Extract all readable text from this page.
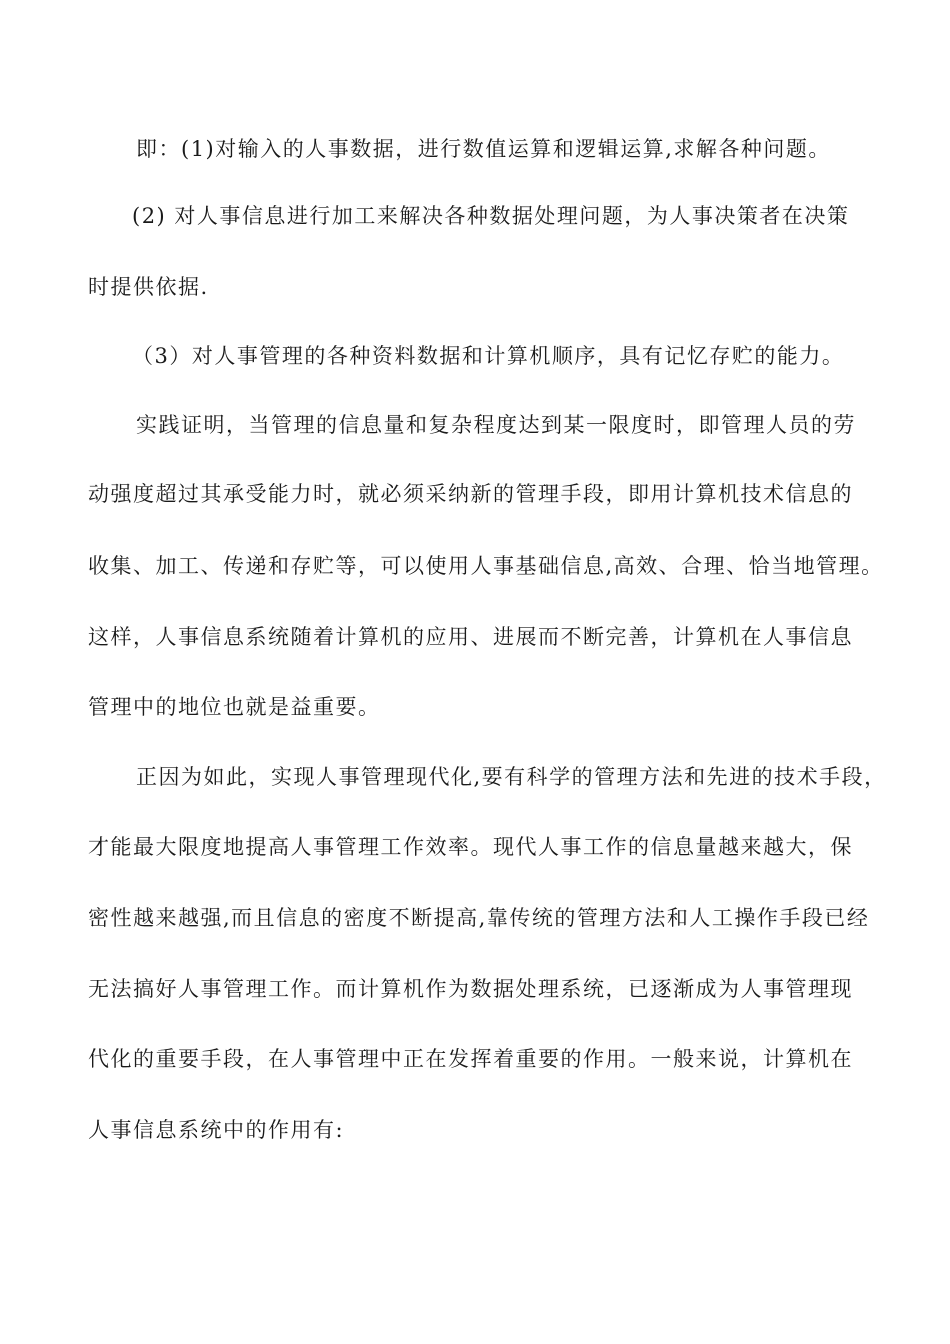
即：(1)对输入的人事数据，进行数值运算和逻辑运算,求解各种问题。
(2) 对人事信息进行加工来解决各种数据处理问题，为人事决策者在决策
时提供依据.
（3）对人事管理的各种资料数据和计算机顺序，具有记忆存贮的能力。
实践证明，当管理的信息量和复杂程度达到某一限度时，即管理人员的劳
动强度超过其承受能力时，就必须采纳新的管理手段，即用计算机技术信息的
收集、加工、传递和存贮等，可以使用人事基础信息,高效、合理、恰当地管理。
这样，人事信息系统随着计算机的应用、进展而不断完善，计算机在人事信息
管理中的地位也就是益重要。
正因为如此，实现人事管理现代化,要有科学的管理方法和先进的技术手段，
才能最大限度地提高人事管理工作效率。现代人事工作的信息量越来越大，保
密性越来越强,而且信息的密度不断提高,靠传统的管理方法和人工操作手段已经
无法搞好人事管理工作。而计算机作为数据处理系统，已逐渐成为人事管理现
代化的重要手段，在人事管理中正在发挥着重要的作用。一般来说，计算机在
人事信息系统中的作用有:
